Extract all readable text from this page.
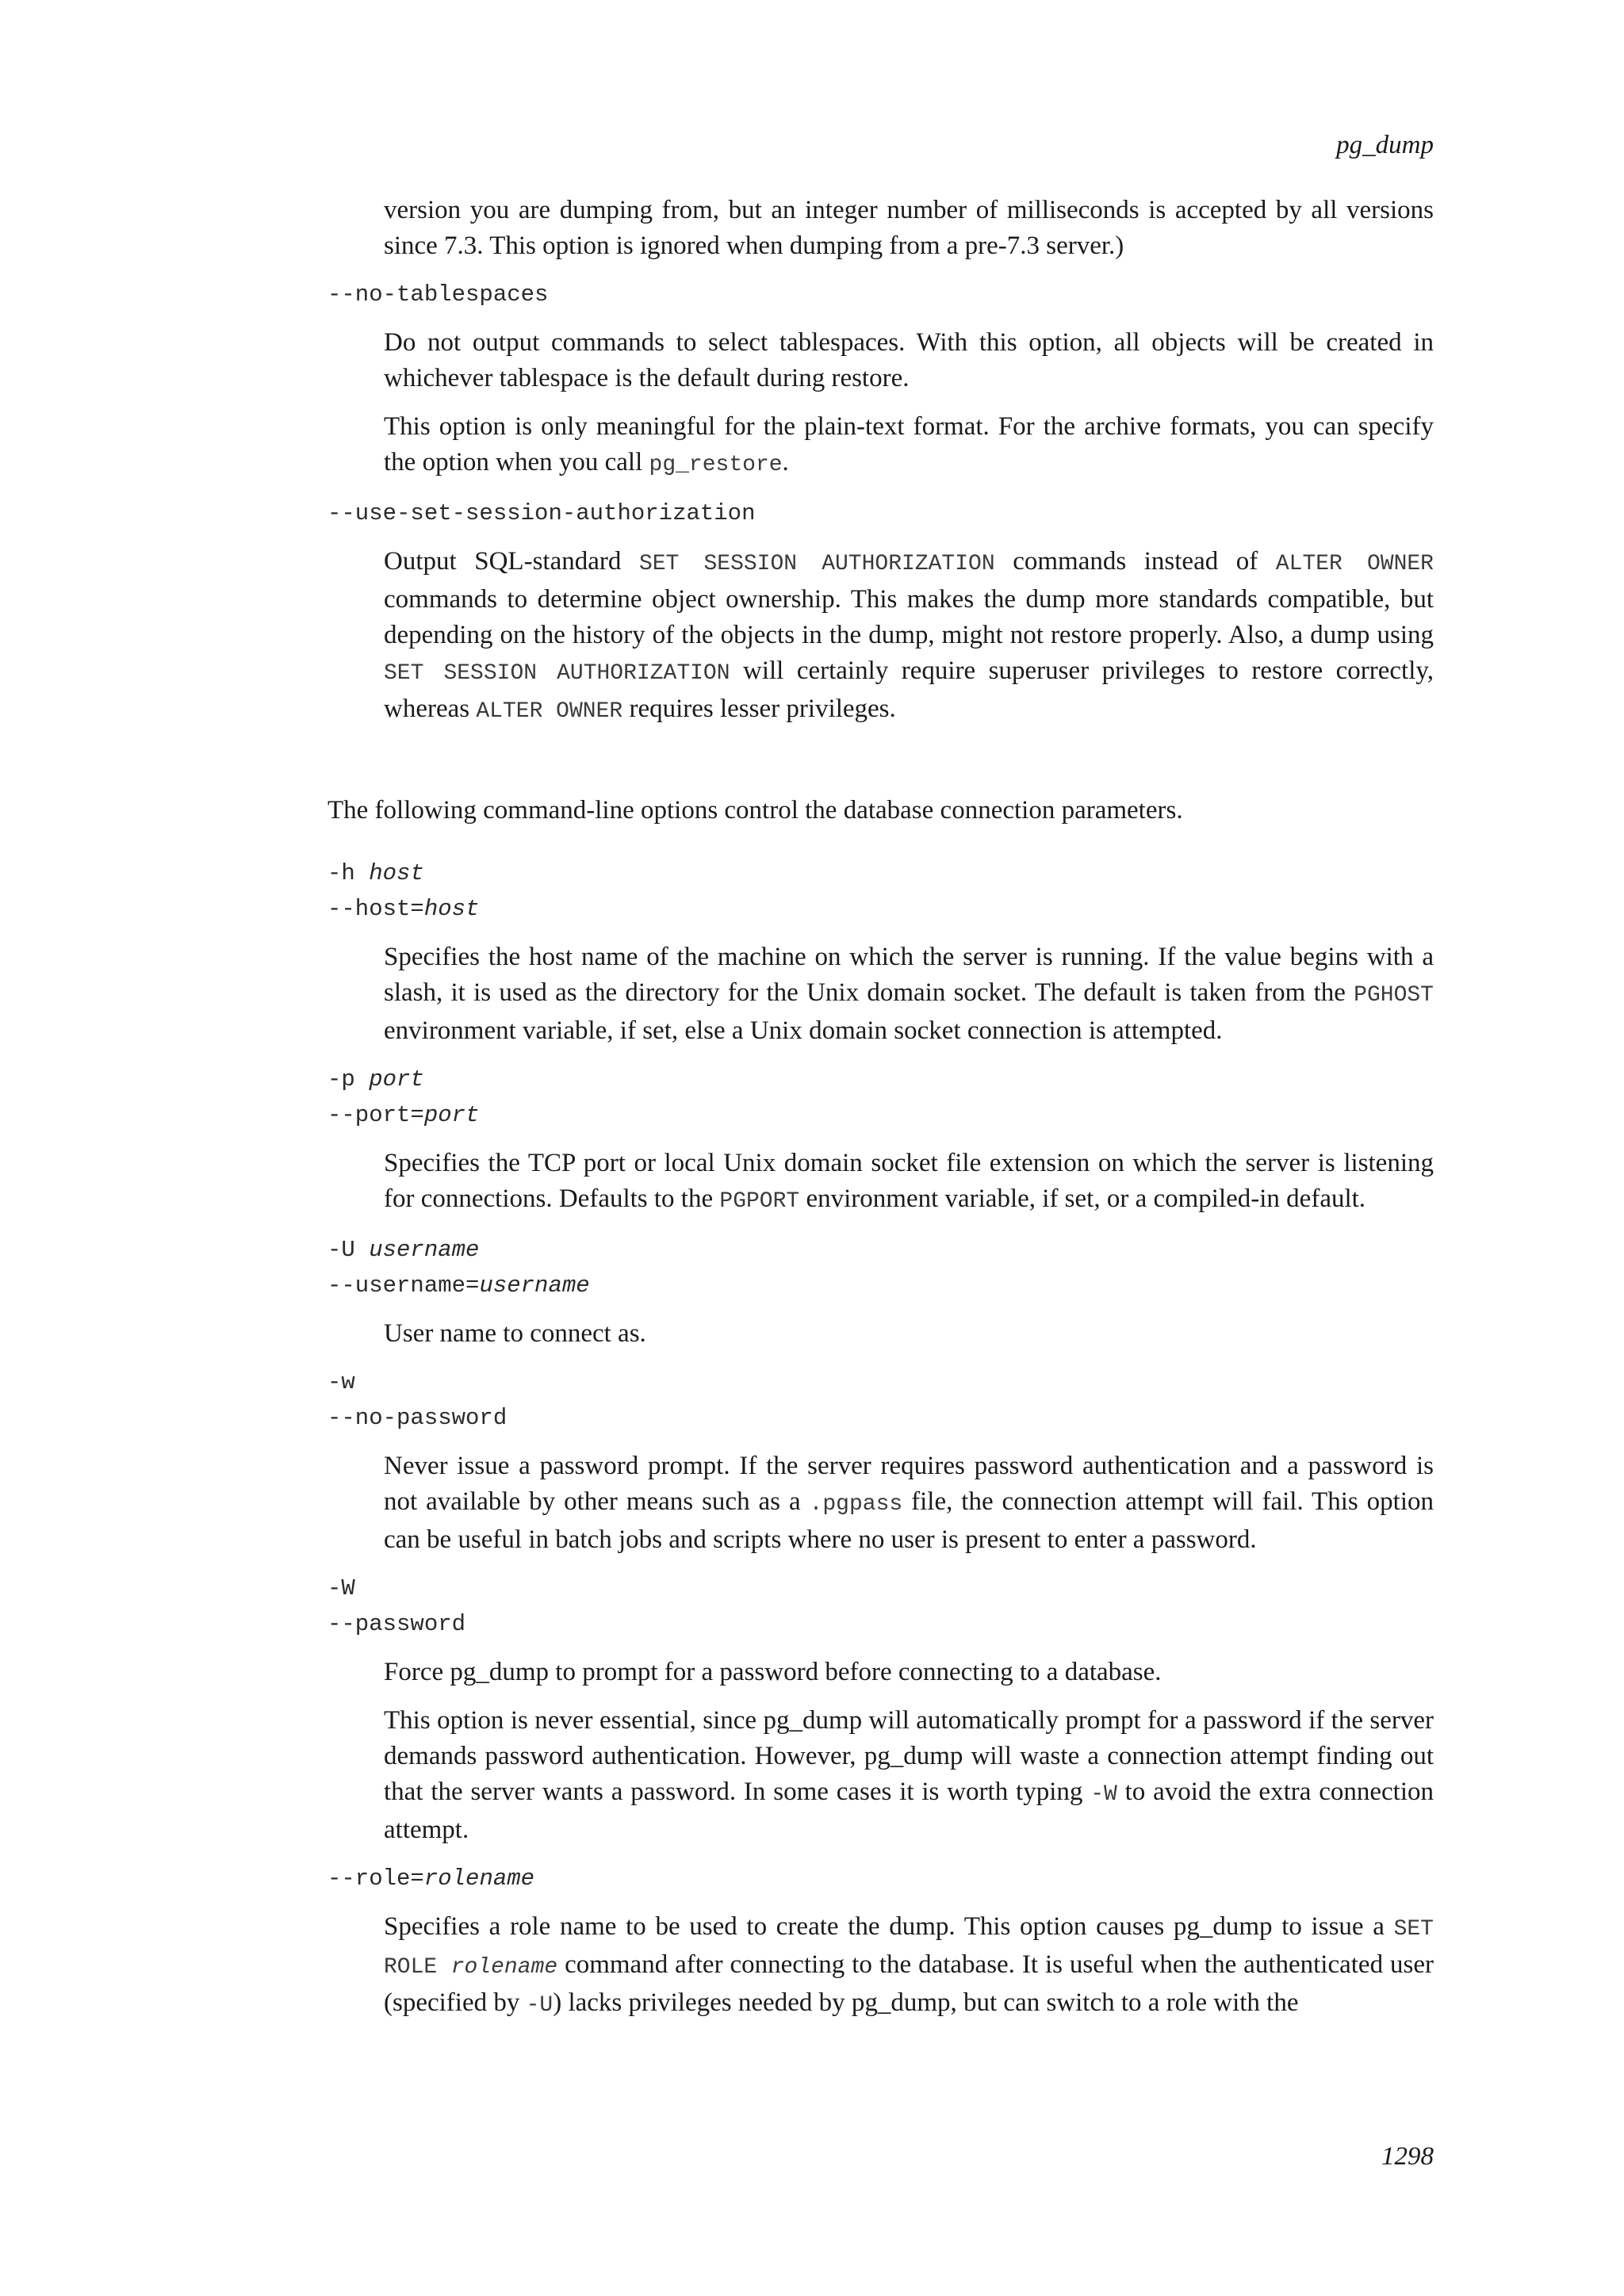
pg_dump

version you are dumping from, but an integer number of milliseconds is accepted by all versions since 7.3. This option is ignored when dumping from a pre-7.3 server.)

--no-tablespaces

Do not output commands to select tablespaces. With this option, all objects will be created in whichever tablespace is the default during restore.

This option is only meaningful for the plain-text format. For the archive formats, you can specify the option when you call pg_restore.

--use-set-session-authorization

Output SQL-standard SET SESSION AUTHORIZATION commands instead of ALTER OWNER commands to determine object ownership. This makes the dump more standards compatible, but depending on the history of the objects in the dump, might not restore properly. Also, a dump using SET SESSION AUTHORIZATION will certainly require superuser privileges to restore correctly, whereas ALTER OWNER requires lesser privileges.

The following command-line options control the database connection parameters.

-h host
--host=host

Specifies the host name of the machine on which the server is running. If the value begins with a slash, it is used as the directory for the Unix domain socket. The default is taken from the PGHOST environment variable, if set, else a Unix domain socket connection is attempted.

-p port
--port=port

Specifies the TCP port or local Unix domain socket file extension on which the server is listening for connections. Defaults to the PGPORT environment variable, if set, or a compiled-in default.

-U username
--username=username

User name to connect as.

-w
--no-password

Never issue a password prompt. If the server requires password authentication and a password is not available by other means such as a .pgpass file, the connection attempt will fail. This option can be useful in batch jobs and scripts where no user is present to enter a password.

-W
--password

Force pg_dump to prompt for a password before connecting to a database.

This option is never essential, since pg_dump will automatically prompt for a password if the server demands password authentication. However, pg_dump will waste a connection attempt finding out that the server wants a password. In some cases it is worth typing -W to avoid the extra connection attempt.

--role=rolename

Specifies a role name to be used to create the dump. This option causes pg_dump to issue a SET ROLE rolename command after connecting to the database. It is useful when the authenticated user (specified by -U) lacks privileges needed by pg_dump, but can switch to a role with the

1298
